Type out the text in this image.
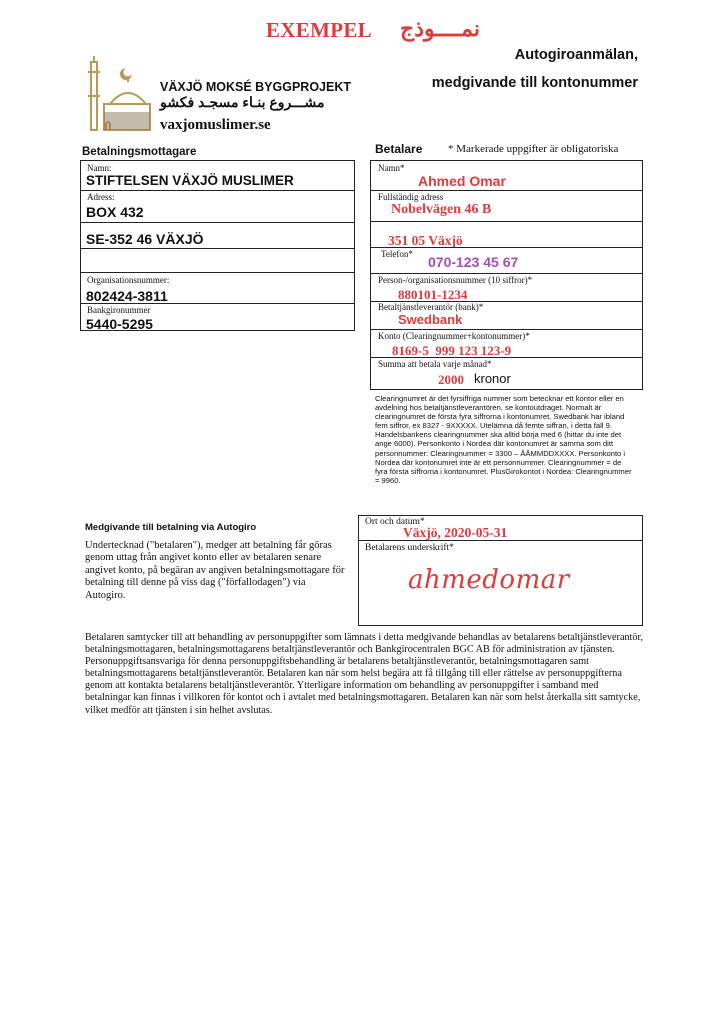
EXEMPEL نمــــوذج
Autogiroanmälan,
medgivande till kontonummer
VÄXJÖ MOKSÉ BYGGPROJEKT
مشـــروع بنـاء مسجـد فكشو
vaxjomuslimer.se
Betalningsmottagare
Namn:
STIFTELSEN VÄXJÖ MUSLIMER
Adress:
BOX 432
SE-352 46 VÄXJÖ
Organisationsnummer:
802424-3811
Bankgironummer
5440-5295
Betalare * Markerade uppgifter är obligatoriska
Namn*
Ahmed Omar
Fullständig adress
Nobelvägen 46 B
351 05 Växjö
Telefon* 070-123 45 67
Person-/organisationsnummer (10 siffror)*
880101-1234
Betaltjänstleverantör (bank)*
Swedbank
Konto (Clearingnummer+kontonummer)*
8169-5  999 123 123-9
Summa att betala varje månad*
2000 kronor
Clearingnumret är det fyrsiffriga nummer som betecknar ett kontor eller en avdelning hos betaltjänstleverantören, se kontoutdraget. Normalt är clearingnumret de första fyra siffrorna i kontonumret. Swedbank har ibland fem siffror, ex 8327 - 9XXXXX. Utelämna då femte siffran, i detta fall 9. Handelsbankens clearingnummer ska alltid börja med 6 (hittar du inte det ange 6000). Personkonto i Nordea där kontonumret är samma som ditt personnummer: Clearingnummer = 3300 – ÅÅMMDDXXXX. Personkonto i Nordea där kontonumret inte är ett personnummer. Clearingnummer = de fyra första siffrorna i kontonumret. PlusGirokontot i Nordea: Clearingnummer = 9960.
Medgivande till betalning via Autogiro
Undertecknad ("betalaren"), medger att betalning får göras genom uttag från angivet konto eller av betalaren senare angivet konto, på begäran av angiven betalningsmottagare för betalning till denne på viss dag ("förfallodagen") via Autogiro.
Ort och datum*
Växjö, 2020-05-31
Betalarens underskrift*
ahmedomar
Betalaren samtycker till att behandling av personuppgifter som lämnats i detta medgivande behandlas av betalarens betaltjänstleverantör, betalningsmottagaren, betalningsmottagarens betaltjänstleverantör och Bankgirocentralen BGC AB för administration av tjänsten. Personuppgiftsansvariga för denna personuppgiftsbehandling är betalarens betaltjänstleverantör, betalningsmottagaren samt betalningsmottagarens betaltjänstleverantör. Betalaren kan när som helst begära att få tillgång till eller rättelse av personuppgifterna genom att kontakta betalarens betaltjänstleverantör. Ytterligare information om behandling av personuppgifter i samband med betalningar kan finnas i villkoren för kontot och i avtalet med betalningsmottagaren. Betalaren kan när som helst återkalla sitt samtycke, vilket medför att tjänsten i sin helhet avslutas.
